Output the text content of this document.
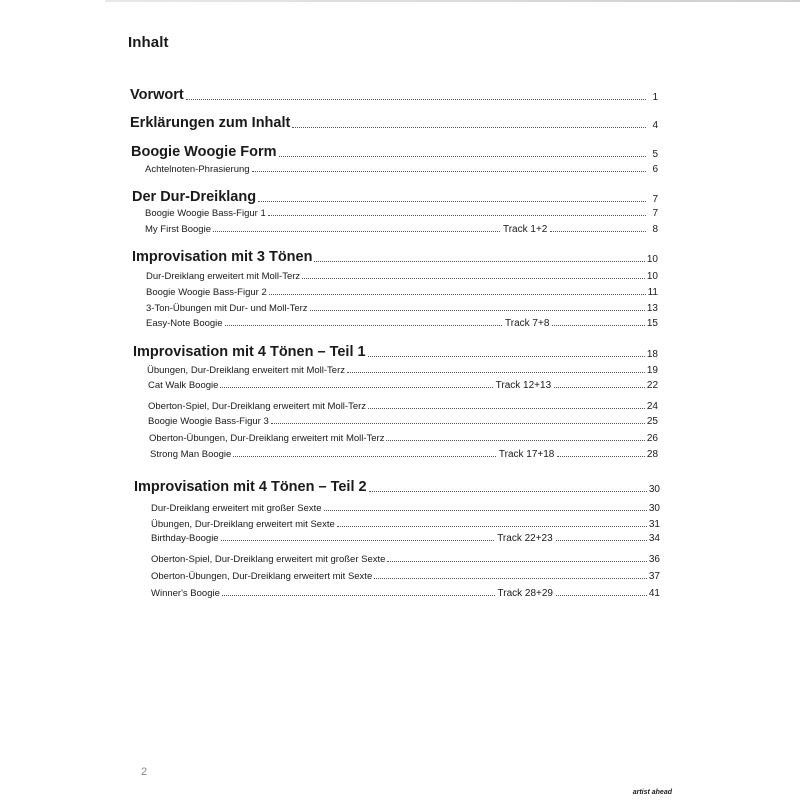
Inhalt
Vorwort	1
Erklärungen zum Inhalt	4
Boogie Woogie Form	5
Achtelnoten-Phrasierung	6
Der Dur-Dreiklang	7
Boogie Woogie Bass-Figur 1	7
My First Boogie	Track 1+2	8
Improvisation mit 3 Tönen	10
Dur-Dreiklang erweitert mit Moll-Terz	10
Boogie Woogie Bass-Figur 2	11
3-Ton-Übungen mit Dur- und Moll-Terz	13
Easy-Note Boogie	Track 7+8	15
Improvisation mit 4 Tönen – Teil 1	18
Übungen, Dur-Dreiklang erweitert mit Moll-Terz	19
Cat Walk Boogie	Track 12+13	22
Oberton-Spiel, Dur-Dreiklang erweitert mit Moll-Terz	24
Boogie Woogie Bass-Figur 3	25
Oberton-Übungen, Dur-Dreiklang erweitert mit Moll-Terz	26
Strong Man Boogie	Track 17+18	28
Improvisation mit 4 Tönen – Teil 2	30
Dur-Dreiklang erweitert mit großer Sexte	30
Übungen, Dur-Dreiklang erweitert mit Sexte	31
Birthday-Boogie	Track 22+23	34
Oberton-Spiel, Dur-Dreiklang erweitert mit großer Sexte	36
Oberton-Übungen, Dur-Dreiklang erweitert mit Sexte	37
Winner's Boogie	Track 28+29	41
2
artist ahead
